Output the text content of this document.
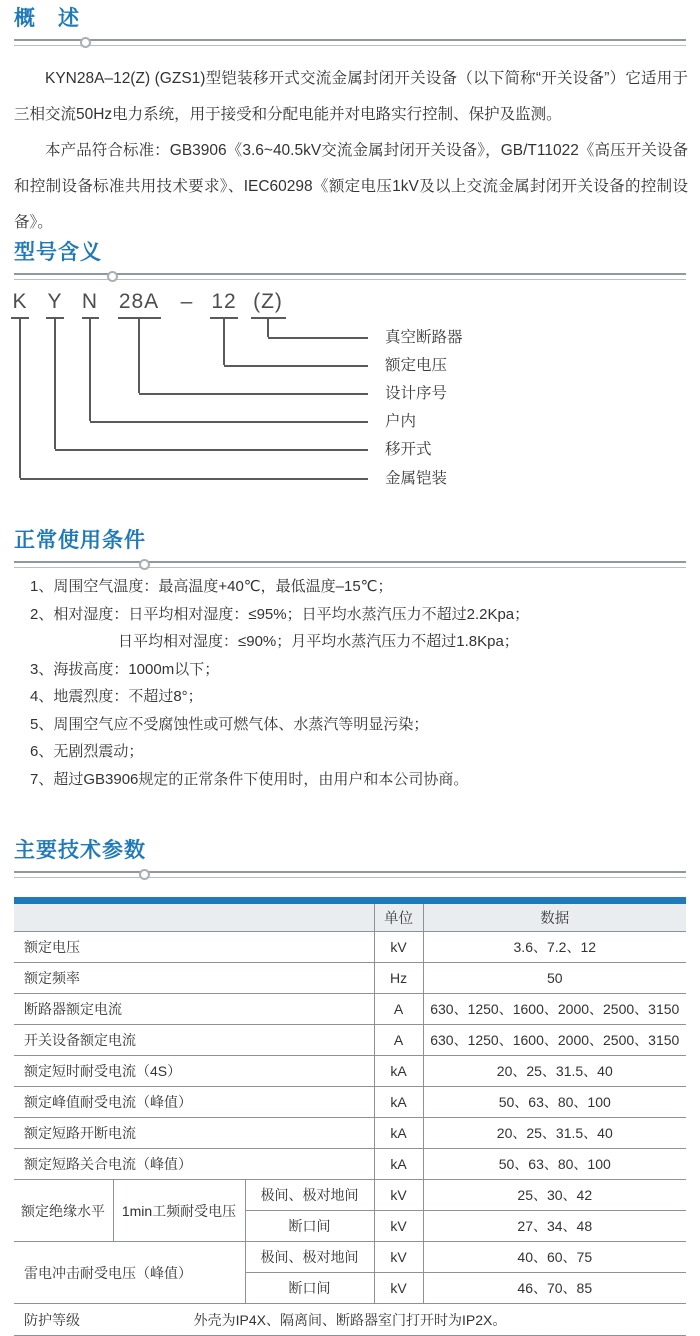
概　述

KYN28A–12(Z) (GZS1)型铠装移开式交流金属封闭开关设备（以下简称“开关设备”）它适用于三相交流50Hz电力系统，用于接受和分配电能并对电路实行控制、保护及监测。

本产品符合标准：GB3906《3.6~40.5kV交流金属封闭开关设备》，GB/T11022《高压开关设备和控制设备标准共用技术要求》、IEC60298《额定电压1kV及以上交流金属封闭开关设备的控制设备》。

型号含义
K Y N 28A – 12 (Z)
真空断路器
额定电压
设计序号
户内
移开式
金属铠装
正常使用条件
1、周围空气温度：最高温度+40℃，最低温度–15℃；
2、相对湿度：日平均相对湿度：≤95%；日平均水蒸汽压力不超过2.2Kpa；
日平均相对湿度：≤90%；月平均水蒸汽压力不超过1.8Kpa；
3、海拔高度：1000m以下；
4、地震烈度：不超过8°；
5、周围空气应不受腐蚀性或可燃气体、水蒸汽等明显污染；
6、无剧烈震动；
7、超过GB3906规定的正常条件下使用时，由用户和本公司协商。
主要技术参数
			单位	数据
额定电压			kV	3.6、7.2、12
额定频率			Hz	50
断路器额定电流			A	630、1250、1600、2000、2500、3150
开关设备额定电流			A	630、1250、1600、2000、2500、3150
额定短时耐受电流（4S）			kA	20、25、31.5、40
额定峰值耐受电流（峰值）			kA	50、63、80、100
额定短路开断电流			kA	20、25、31.5、40
额定短路关合电流（峰值）			kA	50、63、80、100
额定绝缘水平	1min工频耐受电压	极间、极对地间	kV	25、30、42
		断口间	kV	27、34、48
雷电冲击耐受电压（峰值）		极间、极对地间	kV	40、60、75
		断口间	kV	46、70、85

防护等级 外壳为IP4X、隔离间、断路器室门打开时为IP2X。				
